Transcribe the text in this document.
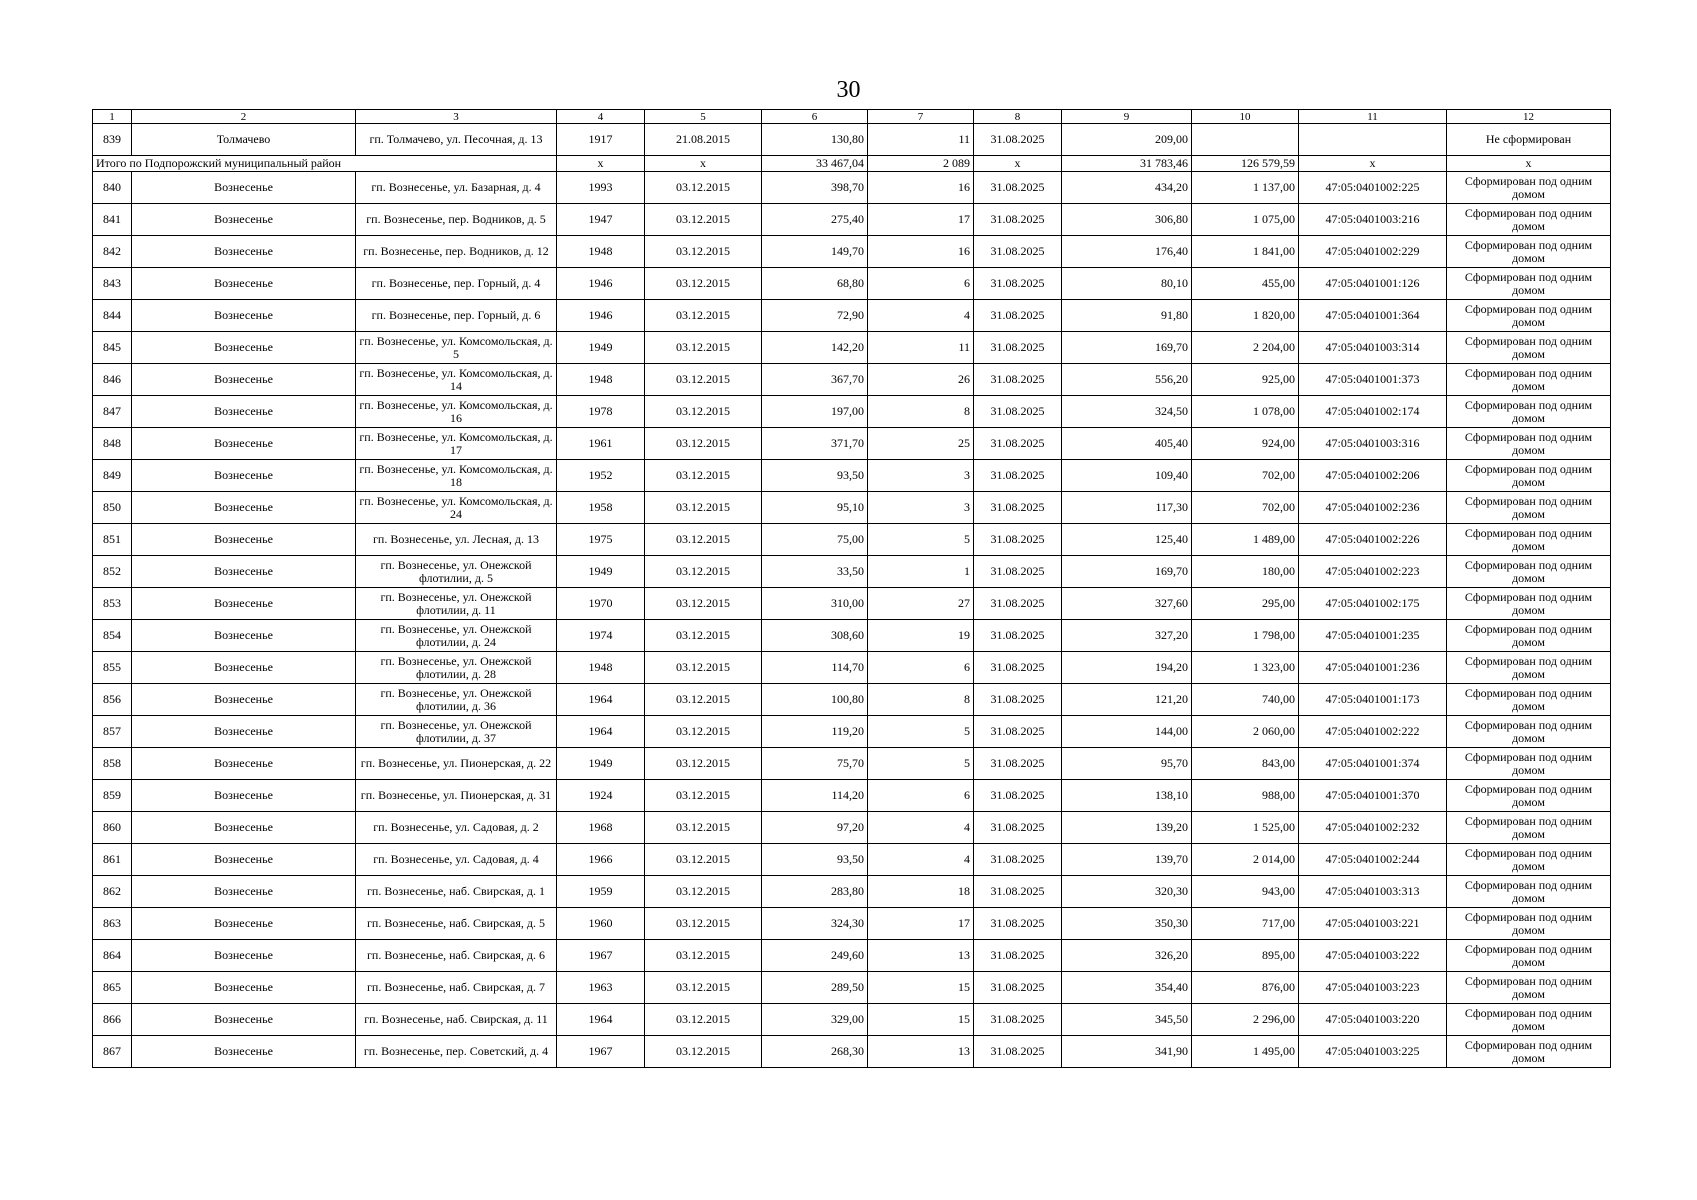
30
1	2	3	4	5	6	7	8	9	10	11	12
839	Толмачево	гп. Толмачево, ул. Песочная, д. 13	1917	21.08.2015	130,80	11	31.08.2025	209,00			Не сформирован
Итого по Подпорожский муниципальный район			х	х	33 467,04	2 089	х	31 783,46	126 579,59	х	х
840	Вознесенье	гп. Вознесенье, ул. Базарная, д. 4	1993	03.12.2015	398,70	16	31.08.2025	434,20	1 137,00	47:05:0401002:225	Сформирован под одним домом
841	Вознесенье	гп. Вознесенье, пер. Водников, д. 5	1947	03.12.2015	275,40	17	31.08.2025	306,80	1 075,00	47:05:0401003:216	Сформирован под одним домом
842	Вознесенье	гп. Вознесенье, пер. Водников, д. 12	1948	03.12.2015	149,70	16	31.08.2025	176,40	1 841,00	47:05:0401002:229	Сформирован под одним домом
843	Вознесенье	гп. Вознесенье, пер. Горный, д. 4	1946	03.12.2015	68,80	6	31.08.2025	80,10	455,00	47:05:0401001:126	Сформирован под одним домом
844	Вознесенье	гп. Вознесенье, пер. Горный, д. 6	1946	03.12.2015	72,90	4	31.08.2025	91,80	1 820,00	47:05:0401001:364	Сформирован под одним домом
845	Вознесенье	гп. Вознесенье, ул. Комсомольская, д. 5	1949	03.12.2015	142,20	11	31.08.2025	169,70	2 204,00	47:05:0401003:314	Сформирован под одним домом
846	Вознесенье	гп. Вознесенье, ул. Комсомольская, д. 14	1948	03.12.2015	367,70	26	31.08.2025	556,20	925,00	47:05:0401001:373	Сформирован под одним домом
847	Вознесенье	гп. Вознесенье, ул. Комсомольская, д. 16	1978	03.12.2015	197,00	8	31.08.2025	324,50	1 078,00	47:05:0401002:174	Сформирован под одним домом
848	Вознесенье	гп. Вознесенье, ул. Комсомольская, д. 17	1961	03.12.2015	371,70	25	31.08.2025	405,40	924,00	47:05:0401003:316	Сформирован под одним домом
849	Вознесенье	гп. Вознесенье, ул. Комсомольская, д. 18	1952	03.12.2015	93,50	3	31.08.2025	109,40	702,00	47:05:0401002:206	Сформирован под одним домом
850	Вознесенье	гп. Вознесенье, ул. Комсомольская, д. 24	1958	03.12.2015	95,10	3	31.08.2025	117,30	702,00	47:05:0401002:236	Сформирован под одним домом
851	Вознесенье	гп. Вознесенье, ул. Лесная, д. 13	1975	03.12.2015	75,00	5	31.08.2025	125,40	1 489,00	47:05:0401002:226	Сформирован под одним домом
852	Вознесенье	гп. Вознесенье, ул. Онежской флотилии, д. 5	1949	03.12.2015	33,50	1	31.08.2025	169,70	180,00	47:05:0401002:223	Сформирован под одним домом
853	Вознесенье	гп. Вознесенье, ул. Онежской флотилии, д. 11	1970	03.12.2015	310,00	27	31.08.2025	327,60	295,00	47:05:0401002:175	Сформирован под одним домом
854	Вознесенье	гп. Вознесенье, ул. Онежской флотилии, д. 24	1974	03.12.2015	308,60	19	31.08.2025	327,20	1 798,00	47:05:0401001:235	Сформирован под одним домом
855	Вознесенье	гп. Вознесенье, ул. Онежской флотилии, д. 28	1948	03.12.2015	114,70	6	31.08.2025	194,20	1 323,00	47:05:0401001:236	Сформирован под одним домом
856	Вознесенье	гп. Вознесенье, ул. Онежской флотилии, д. 36	1964	03.12.2015	100,80	8	31.08.2025	121,20	740,00	47:05:0401001:173	Сформирован под одним домом
857	Вознесенье	гп. Вознесенье, ул. Онежской флотилии, д. 37	1964	03.12.2015	119,20	5	31.08.2025	144,00	2 060,00	47:05:0401002:222	Сформирован под одним домом
858	Вознесенье	гп. Вознесенье, ул. Пионерская, д. 22	1949	03.12.2015	75,70	5	31.08.2025	95,70	843,00	47:05:0401001:374	Сформирован под одним домом
859	Вознесенье	гп. Вознесенье, ул. Пионерская, д. 31	1924	03.12.2015	114,20	6	31.08.2025	138,10	988,00	47:05:0401001:370	Сформирован под одним домом
860	Вознесенье	гп. Вознесенье, ул. Садовая, д. 2	1968	03.12.2015	97,20	4	31.08.2025	139,20	1 525,00	47:05:0401002:232	Сформирован под одним домом
861	Вознесенье	гп. Вознесенье, ул. Садовая, д. 4	1966	03.12.2015	93,50	4	31.08.2025	139,70	2 014,00	47:05:0401002:244	Сформирован под одним домом
862	Вознесенье	гп. Вознесенье, наб. Свирская, д. 1	1959	03.12.2015	283,80	18	31.08.2025	320,30	943,00	47:05:0401003:313	Сформирован под одним домом
863	Вознесенье	гп. Вознесенье, наб. Свирская, д. 5	1960	03.12.2015	324,30	17	31.08.2025	350,30	717,00	47:05:0401003:221	Сформирован под одним домом
864	Вознесенье	гп. Вознесенье, наб. Свирская, д. 6	1967	03.12.2015	249,60	13	31.08.2025	326,20	895,00	47:05:0401003:222	Сформирован под одним домом
865	Вознесенье	гп. Вознесенье, наб. Свирская, д. 7	1963	03.12.2015	289,50	15	31.08.2025	354,40	876,00	47:05:0401003:223	Сформирован под одним домом
866	Вознесенье	гп. Вознесенье, наб. Свирская, д. 11	1964	03.12.2015	329,00	15	31.08.2025	345,50	2 296,00	47:05:0401003:220	Сформирован под одним домом
867	Вознесенье	гп. Вознесенье, пер. Советский, д. 4	1967	03.12.2015	268,30	13	31.08.2025	341,90	1 495,00	47:05:0401003:225	Сформирован под одним домом
